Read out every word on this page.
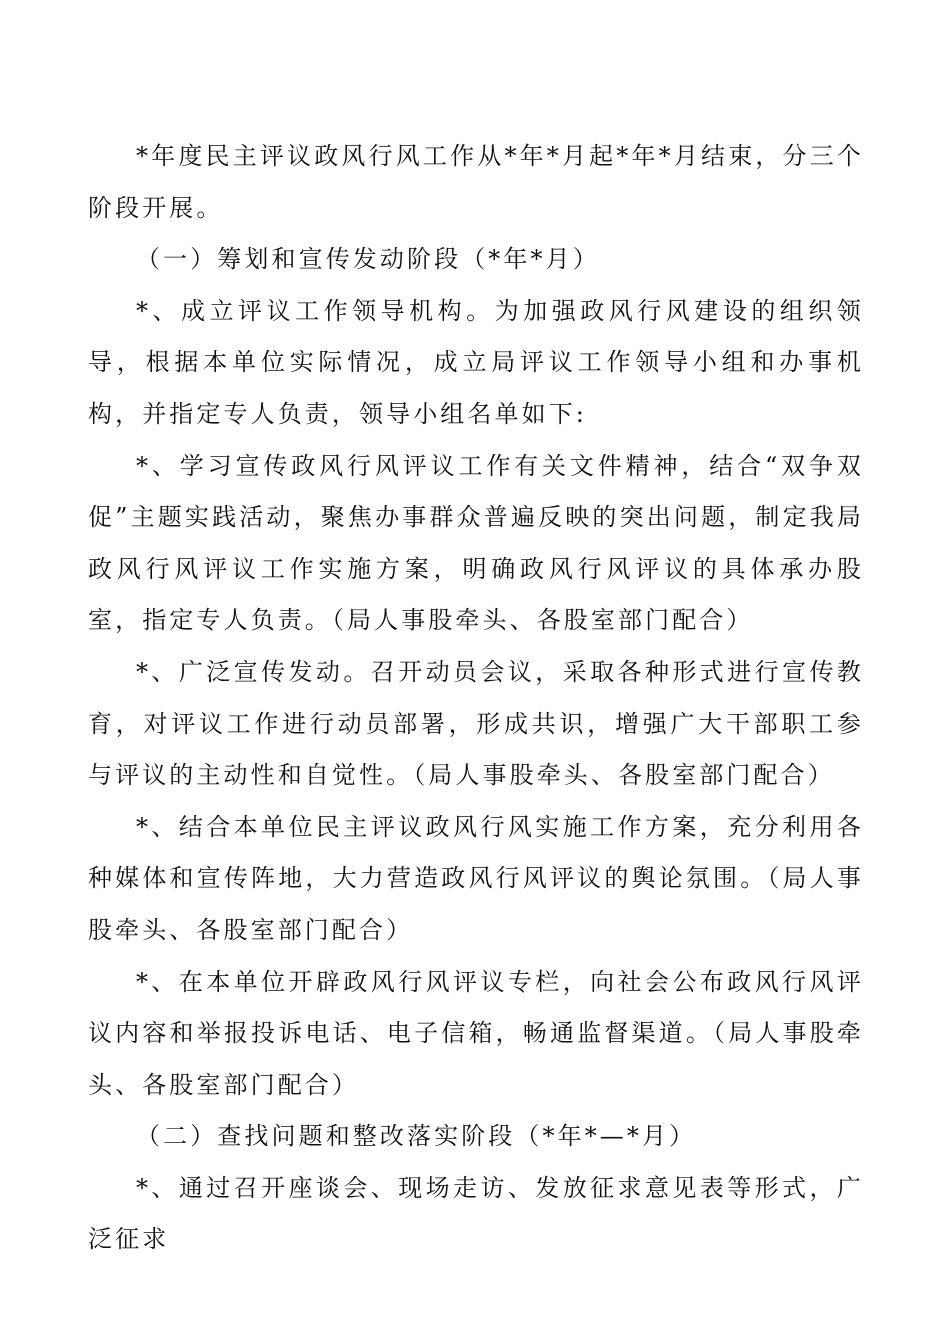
*年度民主评议政风行风工作从*年*月起*年*月结束，分三个阶段开展。

（一）筹划和宣传发动阶段（*年*月）

*、成立评议工作领导机构。为加强政风行风建设的组织领导，根据本单位实际情况，成立局评议工作领导小组和办事机构，并指定专人负责，领导小组名单如下:

*、学习宣传政风行风评议工作有关文件精神，结合“双争双促”主题实践活动，聚焦办事群众普遍反映的突出问题，制定我局政风行风评议工作实施方案，明确政风行风评议的具体承办股室，指定专人负责。（局人事股牵头、各股室部门配合）

*、广泛宣传发动。召开动员会议，采取各种形式进行宣传教育，对评议工作进行动员部署，形成共识，增强广大干部职工参与评议的主动性和自觉性。（局人事股牵头、各股室部门配合）

*、结合本单位民主评议政风行风实施工作方案，充分利用各种媒体和宣传阵地，大力营造政风行风评议的舆论氛围。（局人事股牵头、各股室部门配合）

*、在本单位开辟政风行风评议专栏，向社会公布政风行风评议内容和举报投诉电话、电子信箱，畅通监督渠道。（局人事股牵头、各股室部门配合）

（二）查找问题和整改落实阶段（*年*—*月）

*、通过召开座谈会、现场走访、发放征求意见表等形式，广泛征求
